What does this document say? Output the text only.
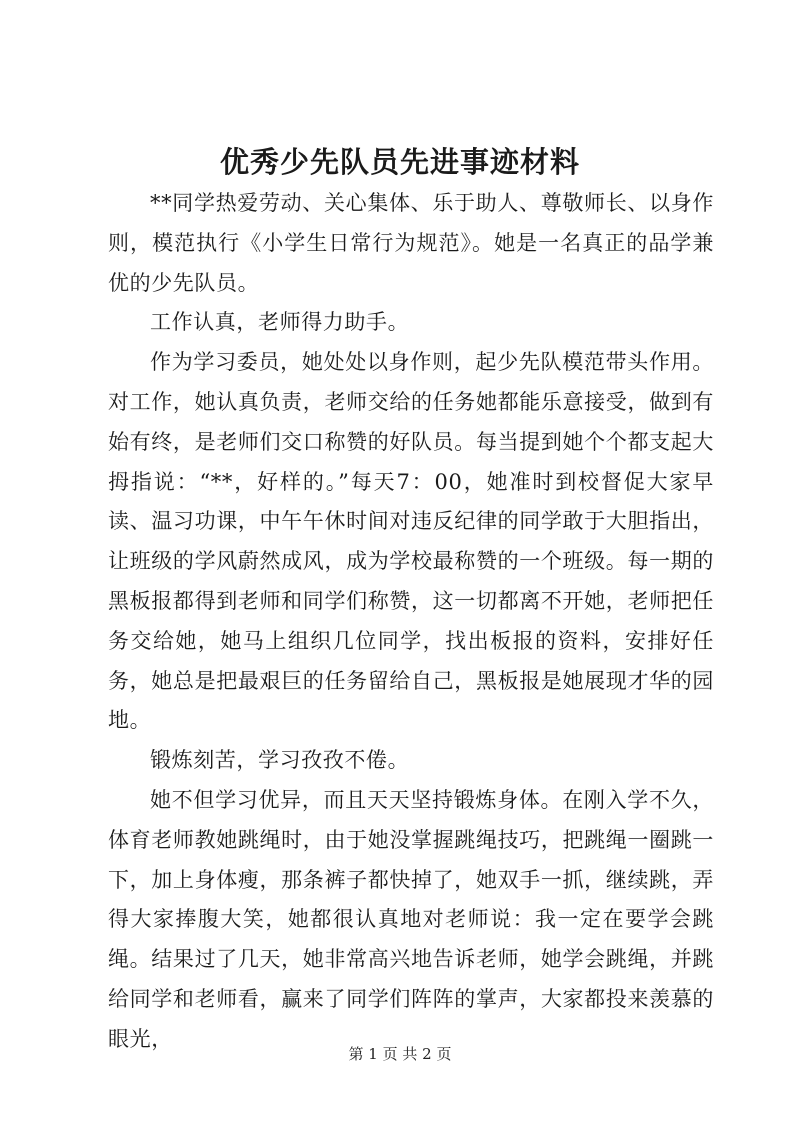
优秀少先队员先进事迹材料

**同学热爱劳动、关心集体、乐于助人、尊敬师长、以身作则，模范执行《小学生日常行为规范》。她是一名真正的品学兼优的少先队员。

工作认真，老师得力助手。

作为学习委员，她处处以身作则，起少先队模范带头作用。对工作，她认真负责，老师交给的任务她都能乐意接受，做到有始有终，是老师们交口称赞的好队员。每当提到她个个都支起大拇指说：“**，好样的。”每天7：00，她准时到校督促大家早读、温习功课，中午午休时间对违反纪律的同学敢于大胆指出，让班级的学风蔚然成风，成为学校最称赞的一个班级。每一期的黑板报都得到老师和同学们称赞，这一切都离不开她，老师把任务交给她，她马上组织几位同学，找出板报的资料，安排好任务，她总是把最艰巨的任务留给自己，黑板报是她展现才华的园地。

锻炼刻苦，学习孜孜不倦。

她不但学习优异，而且天天坚持锻炼身体。在刚入学不久，体育老师教她跳绳时，由于她没掌握跳绳技巧，把跳绳一圈跳一下，加上身体瘦，那条裤子都快掉了，她双手一抓，继续跳，弄得大家捧腹大笑，她都很认真地对老师说：我一定在要学会跳绳。结果过了几天，她非常高兴地告诉老师，她学会跳绳，并跳给同学和老师看，赢来了同学们阵阵的掌声，大家都投来羡慕的眼光，

第 1 页 共 2 页
